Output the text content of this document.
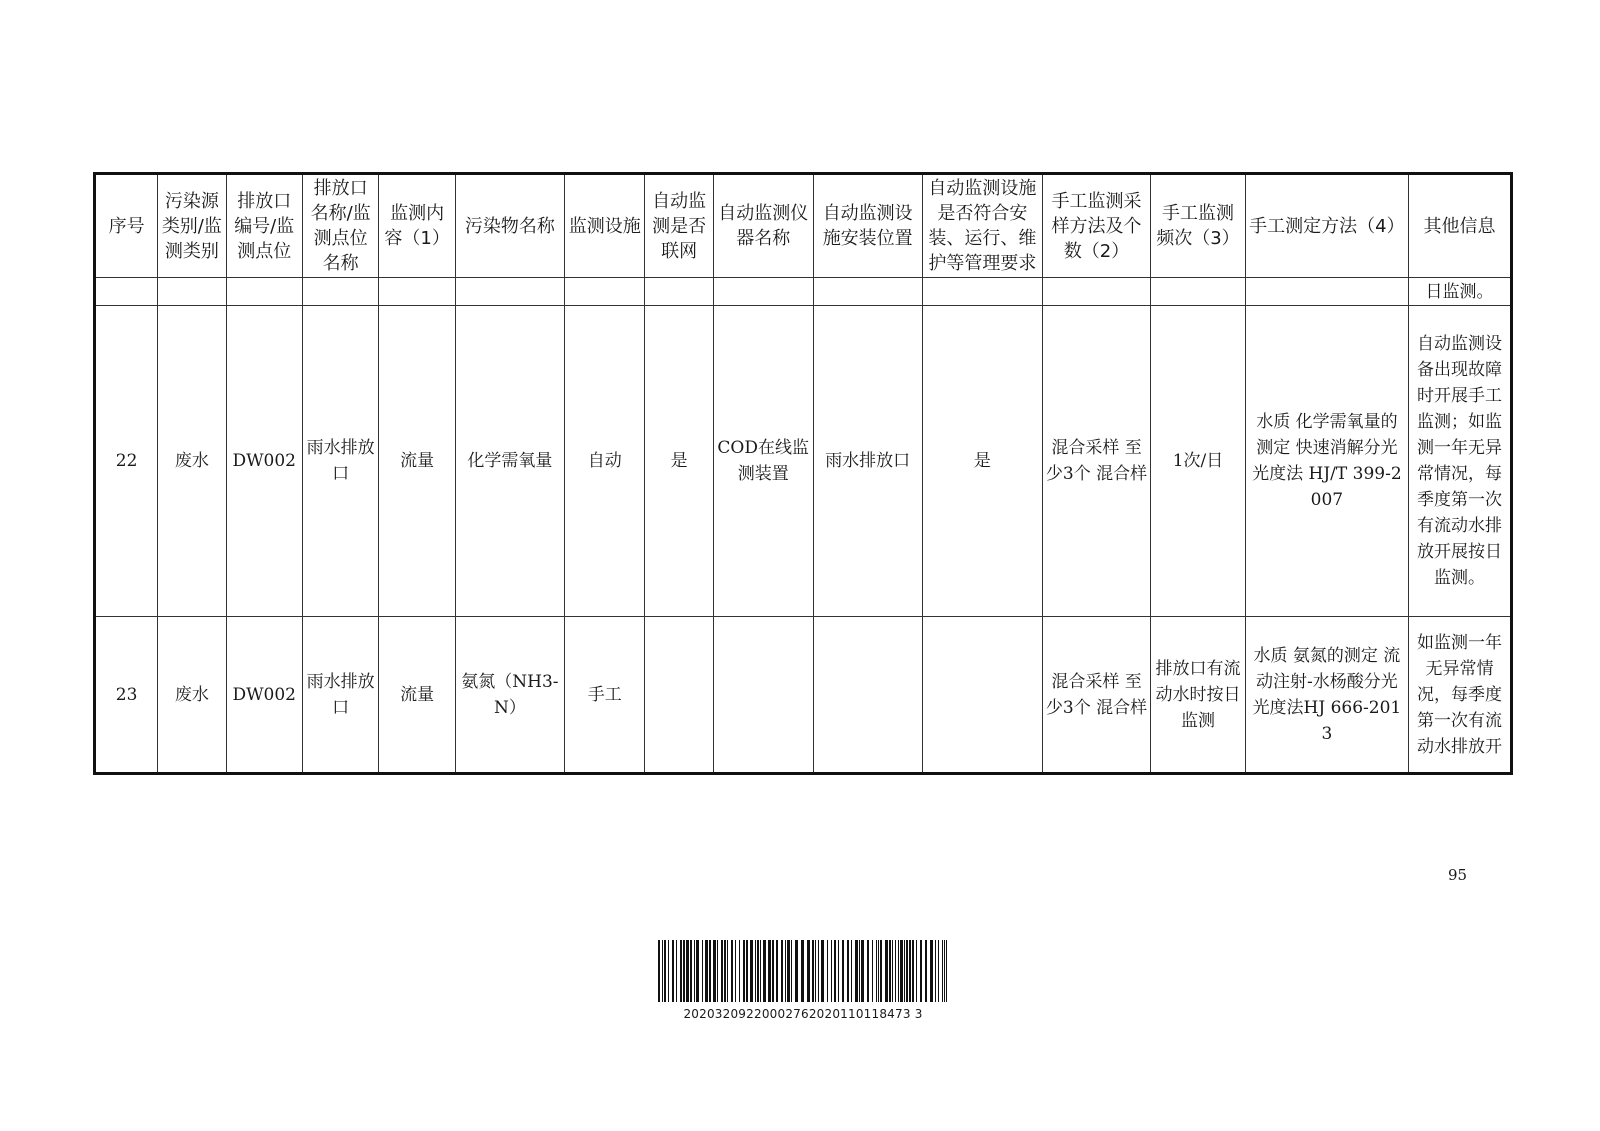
序号	污染源类别/监测类别	排放口编号/监测点位	排放口名称/监测点位名称	监测内容（1）	污染物名称	监测设施	自动监测是否联网	自动监测仪器名称	自动监测设施安装位置	自动监测设施是否符合安装、运行、维护等管理要求	手工监测采样方法及个数（2）	手工监测频次（3）	手工测定方法（4）	其他信息
														日监测。
22	废水	DW002	雨水排放口	流量	化学需氧量	自动	是	COD在线监测装置	雨水排放口	是	混合采样 至少3个 混合样	1次/日	水质 化学需氧量的测定 快速消解分光光度法 HJ/T 399-2007	自动监测设备出现故障时开展手工监测；如监测一年无异常情况，每季度第一次有流动水排放开展按日监测。
23	废水	DW002	雨水排放口	流量	氨氮（NH3-N）	手工					混合采样 至少3个 混合样	排放口有流动水时按日监测	水质 氨氮的测定 流动注射-水杨酸分光光度法HJ 666-2013	如监测一年无异常情况，每季度第一次有流动水排放开
95
20203209220002762020110118473 3
